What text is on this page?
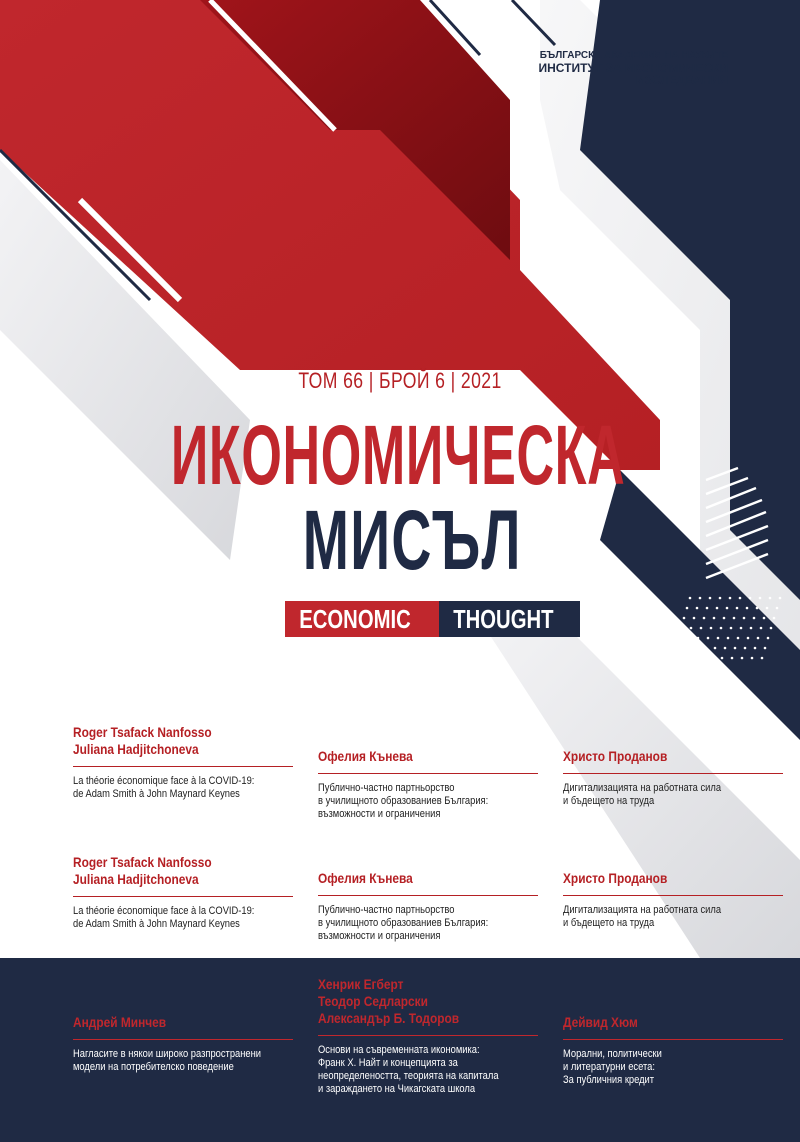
БЪЛГАРСКА АКАДЕМИЯ НА НАУКИТЕ
ИНСТИТУТ ЗА ИКОНОМИЧЕСКИ
ИЗСЛЕДВАНИЯ
ТОМ 66 | БРОЙ 6 | 2021
ИКОНОМИЧЕСКА
МИСЪЛ
ECONOMIC	THOUGHT
Roger Tsafack Nanfosso
Juliana Hadjitchoneva
La théorie économique face à la COVID-19:
de Adam Smith à John Maynard Keynes
Офелия Кънева
Публично-частно партньорство
в училищното образованиев България:
възможности и ограничения
Христо Проданов
Дигитализацията на работната сила
и бъдещето на труда
Roger Tsafack Nanfosso
Juliana Hadjitchoneva
La théorie économique face à la COVID-19:
de Adam Smith à John Maynard Keynes
Офелия Кънева
Публично-частно партньорство
в училищното образованиев България:
възможности и ограничения
Христо Проданов
Дигитализацията на работната сила
и бъдещето на труда
Андрей Минчев
Нагласите в някои широко разпространени
модели на потребителско поведение
Хенрик Егберт
Теодор Седларски
Александър Б. Тодоров
Основи на съвременната икономика:
Франк Х. Найт и концепцията за
неопределеността, теорията на капитала
и зараждането на Чикагската школа
Дейвид Хюм
Морални, политически
и литературни есета:
За публичния кредит
